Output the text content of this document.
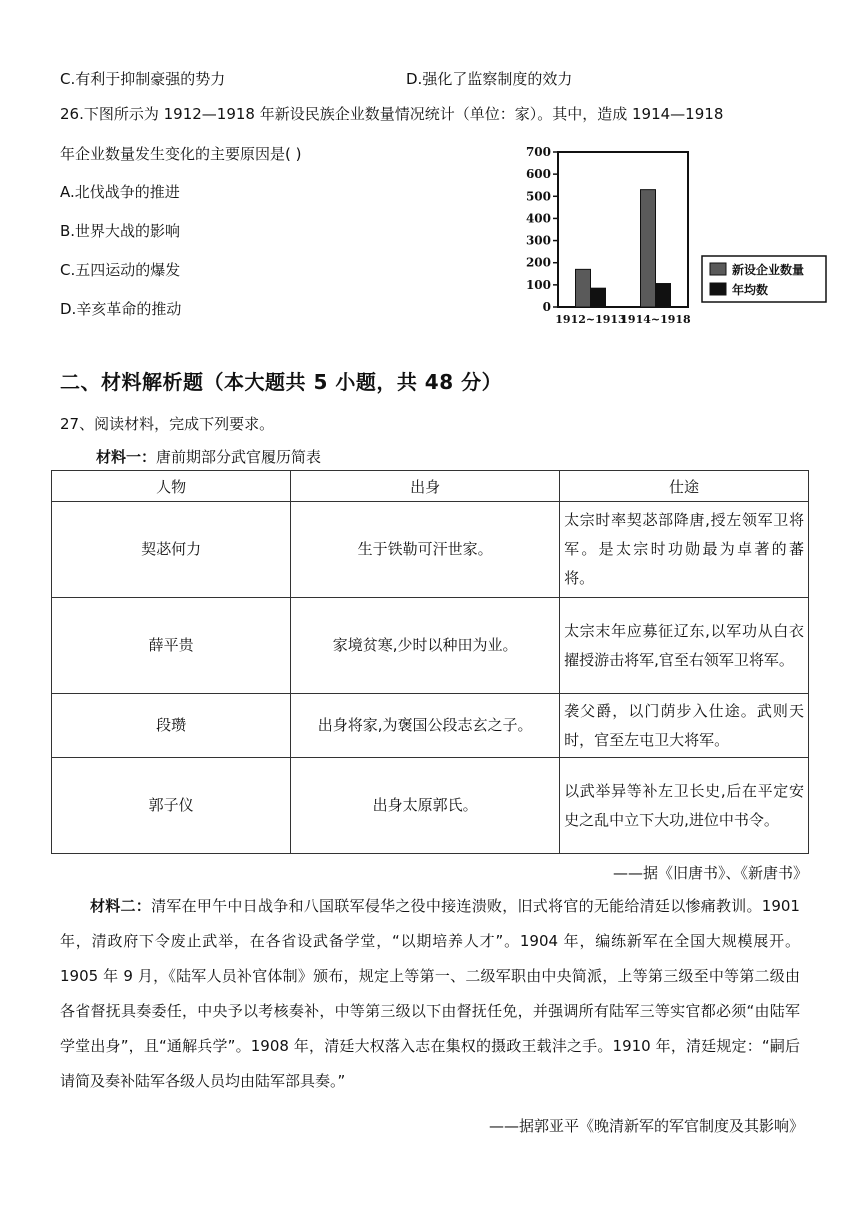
C.有利于抑制豪强的势力	D.强化了监察制度的效力
26.下图所示为 1912—1918 年新设民族企业数量情况统计（单位：家）。其中，造成 1914—1918
年企业数量发生变化的主要原因是( )
A.北伐战争的推进
B.世界大战的影响
C.五四运动的爆发
D.辛亥革命的推动	0
100
200
300
400
500
600
700
1912~1913
1914~1918
新设企业数量
年均数
二、材料解析题（本大题共 5 小题，共 48 分）
27、阅读材料，完成下列要求。
材料一：唐前期部分武官履历简表
人物	出身	仕途
契苾何力	生于铁勒可汗世家。	太宗时率契苾部降唐,授左领军卫将军。是太宗时功勋最为卓著的蕃将。
薛平贵	家境贫寒,少时以种田为业。	太宗末年应募征辽东,以军功从白衣擢授游击将军,官至右领军卫将军。
段瓒	出身将家,为褒国公段志玄之子。	袭父爵，以门荫步入仕途。武则天时，官至左屯卫大将军。
郭子仪	出身太原郭氏。	以武举异等补左卫长史,后在平定安史之乱中立下大功,进位中书令。
——据《旧唐书》、《新唐书》
材料二：清军在甲午中日战争和八国联军侵华之役中接连溃败，旧式将官的无能给清廷以惨痛教训。1901 年，清政府下令废止武举，在各省设武备学堂，“以期培养人才”。1904 年，编练新军在全国大规模展开。1905 年 9 月，《陆军人员补官体制》颁布，规定上等第一、二级军职由中央简派，上等第三级至中等第二级由各省督抚具奏委任，中央予以考核奏补，中等第三级以下由督抚任免，并强调所有陆军三等实官都必须“由陆军学堂出身”，且“通解兵学”。1908 年，清廷大权落入志在集权的摄政王载沣之手。1910 年，清廷规定：“嗣后请简及奏补陆军各级人员均由陆军部具奏。”
——据郭亚平《晚清新军的军官制度及其影响》
